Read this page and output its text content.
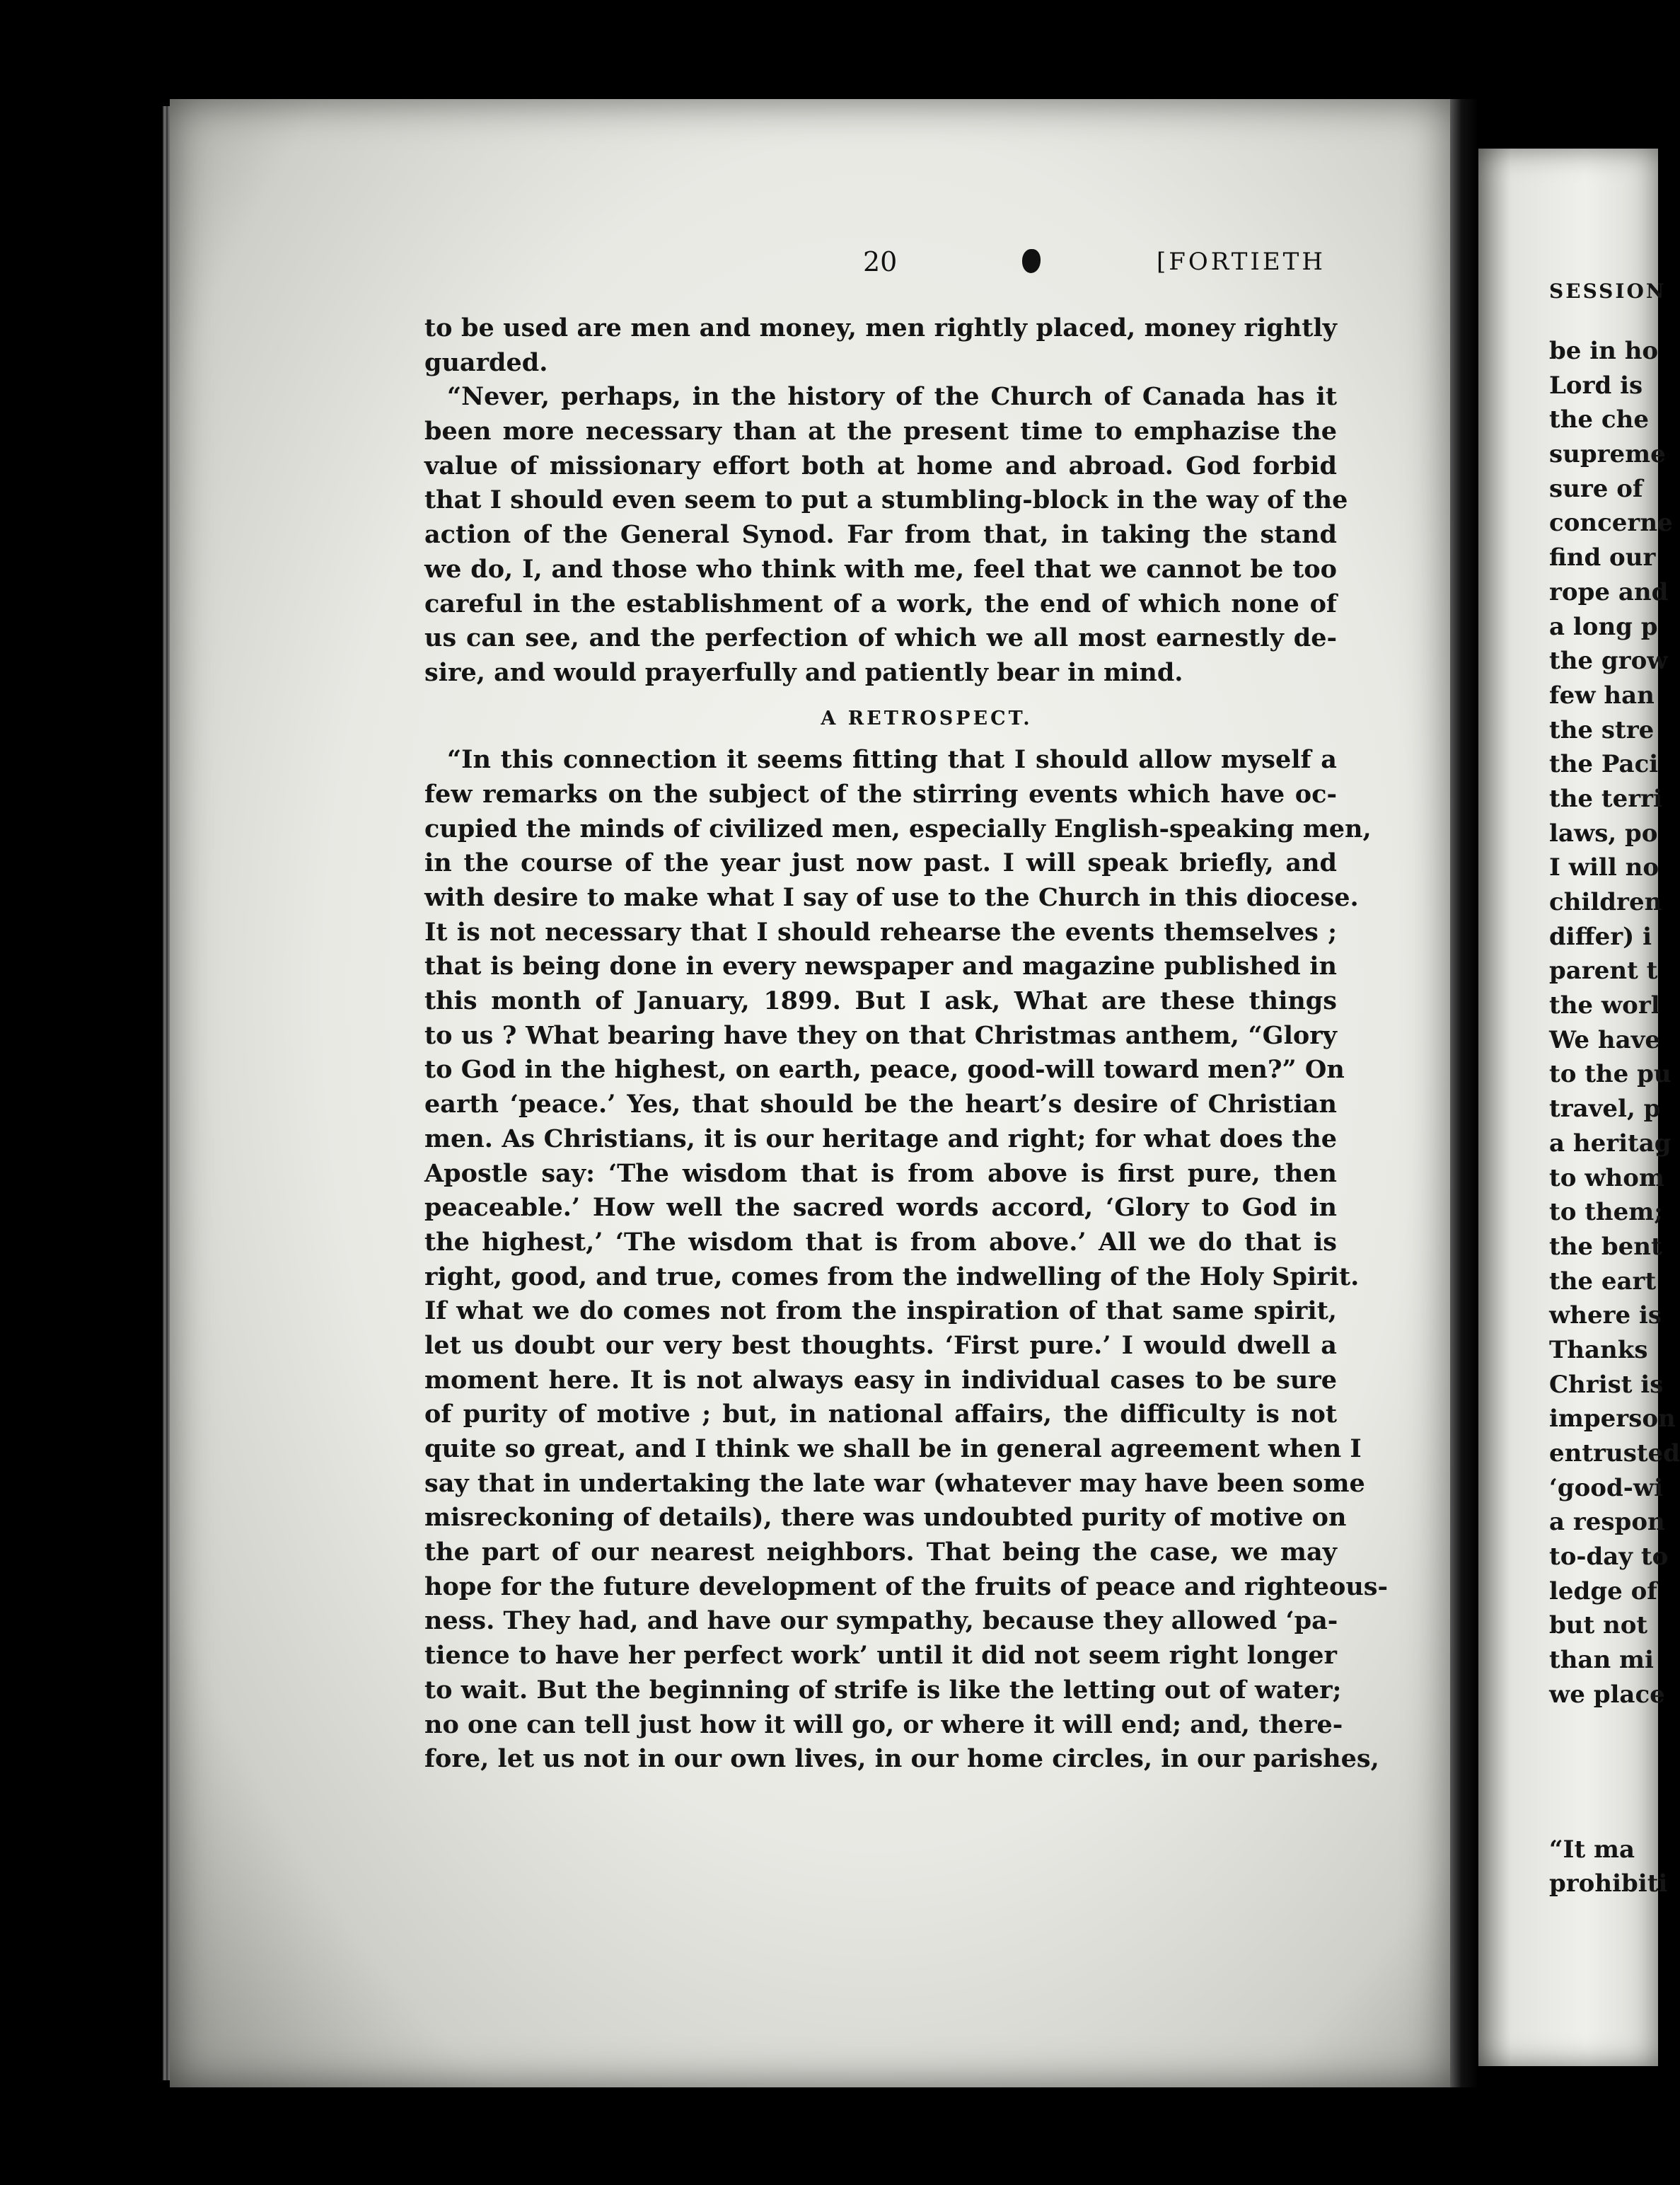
20	[FORTIETH
to be used are men and money, men rightly placed, money rightly
guarded.
“Never, perhaps, in the history of the Church of Canada has it
been more necessary than at the present time to emphazise the
value of missionary effort both at home and abroad. God forbid
that I should even seem to put a stumbling-block in the way of the
action of the General Synod. Far from that, in taking the stand
we do, I, and those who think with me, feel that we cannot be too
careful in the establishment of a work, the end of which none of
us can see, and the perfection of which we all most earnestly de-
sire, and would prayerfully and patiently bear in mind.
A RETROSPECT.
“In this connection it seems fitting that I should allow myself a
few remarks on the subject of the stirring events which have oc-
cupied the minds of civilized men, especially English-speaking men,
in the course of the year just now past. I will speak briefly, and
with desire to make what I say of use to the Church in this diocese.
It is not necessary that I should rehearse the events themselves ;
that is being done in every newspaper and magazine published in
this month of January, 1899. But I ask, What are these things
to us ? What bearing have they on that Christmas anthem, “Glory
to God in the highest, on earth, peace, good-will toward men?” On
earth ‘peace.’ Yes, that should be the heart’s desire of Christian
men. As Christians, it is our heritage and right; for what does the
Apostle say: ‘The wisdom that is from above is first pure, then
peaceable.’ How well the sacred words accord, ‘Glory to God in
the highest,’ ‘The wisdom that is from above.’ All we do that is
right, good, and true, comes from the indwelling of the Holy Spirit.
If what we do comes not from the inspiration of that same spirit,
let us doubt our very best thoughts. ‘First pure.’ I would dwell a
moment here. It is not always easy in individual cases to be sure
of purity of motive ; but, in national affairs, the difficulty is not
quite so great, and I think we shall be in general agreement when I
say that in undertaking the late war (whatever may have been some
misreckoning of details), there was undoubted purity of motive on
the part of our nearest neighbors. That being the case, we may
hope for the future development of the fruits of peace and righteous-
ness. They had, and have our sympathy, because they allowed ‘pa-
tience to have her perfect work’ until it did not seem right longer
to wait. But the beginning of strife is like the letting out of water;
no one can tell just how it will go, or where it will end; and, there-
fore, let us not in our own lives, in our home circles, in our parishes,
SESSION
be in ho
Lord is
the che
supreme
sure of
concerne
find our
rope and
a long p
the grow
few han
the stre
the Paci
the terri
laws, po
I will no
children
differ) i
parent t
the worl
We have
to the pu
travel, p
a heritag
to whom
to them;
the bent
the eart
where is
Thanks
Christ is
imperson
entrusted
‘good-wi
a respon
to-day to
ledge of
but not
than mi
we place
“It ma
prohibiti
